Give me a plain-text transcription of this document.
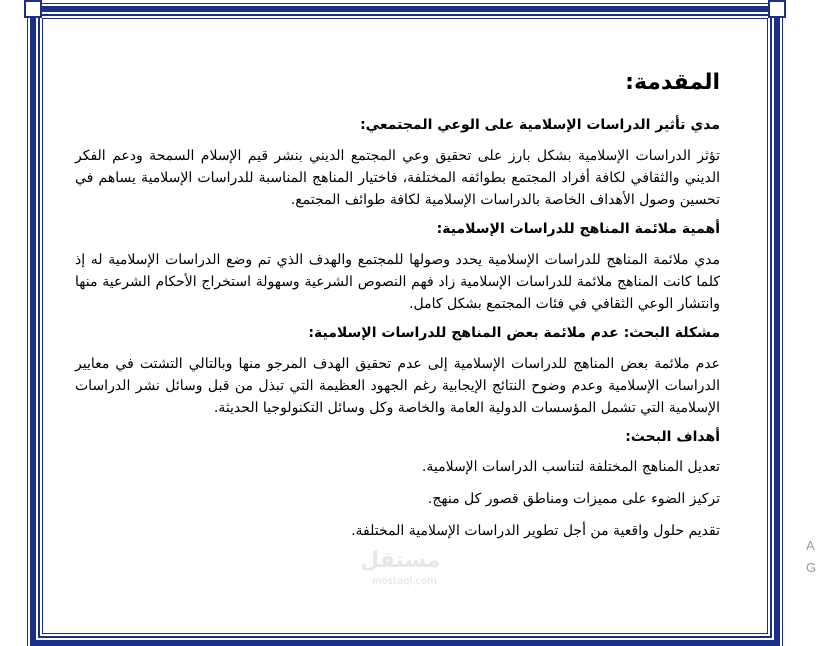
المقدمة:
مدي تأثير الدراسات الإسلامية على الوعي المجتمعي:

تؤثر الدراسات الإسلامية بشكل بارز على تحقيق وعي المجتمع الديني بنشر قيم الإسلام السمحة ودعم الفكر الديني والثقافي لكافة أفراد المجتمع بطوائفه المختلفة، فاختيار المناهج المناسبة للدراسات الإسلامية يساهم في تحسين وصول الأهداف الخاصة بالدراسات الإسلامية لكافة طوائف المجتمع.

أهمية ملائمة المناهج للدراسات الإسلامية:

مدي ملائمة المناهج للدراسات الإسلامية يحدد وصولها للمجتمع والهدف الذي تم وضع الدراسات الإسلامية له إذ كلما كانت المناهج ملائمة للدراسات الإسلامية زاد فهم النصوص الشرعية وسهولة استخراج الأحكام الشرعية منها وانتشار الوعي الثقافي في فئات المجتمع بشكل كامل.

مشكلة البحث: عدم ملائمة بعض المناهج للدراسات الإسلامية:

عدم ملائمة بعض المناهج للدراسات الإسلامية إلى عدم تحقيق الهدف المرجو منها وبالتالي التشتت في معايير الدراسات الإسلامية وعدم وضوح النتائج الإيجابية رغم الجهود العظيمة التي تبذل من قبل وسائل نشر الدراسات الإسلامية التي تشمل المؤسسات الدولية العامة والخاصة وكل وسائل التكنولوجيا الحديثة.

أهداف البحث:
تعديل المناهج المختلفة لتناسب الدراسات الإسلامية.
تركيز الضوء على مميزات ومناطق قصور كل منهج.
تقديم حلول واقعية من أجل تطوير الدراسات الإسلامية المختلفة.
مستقل
mostaql.com
A
G
